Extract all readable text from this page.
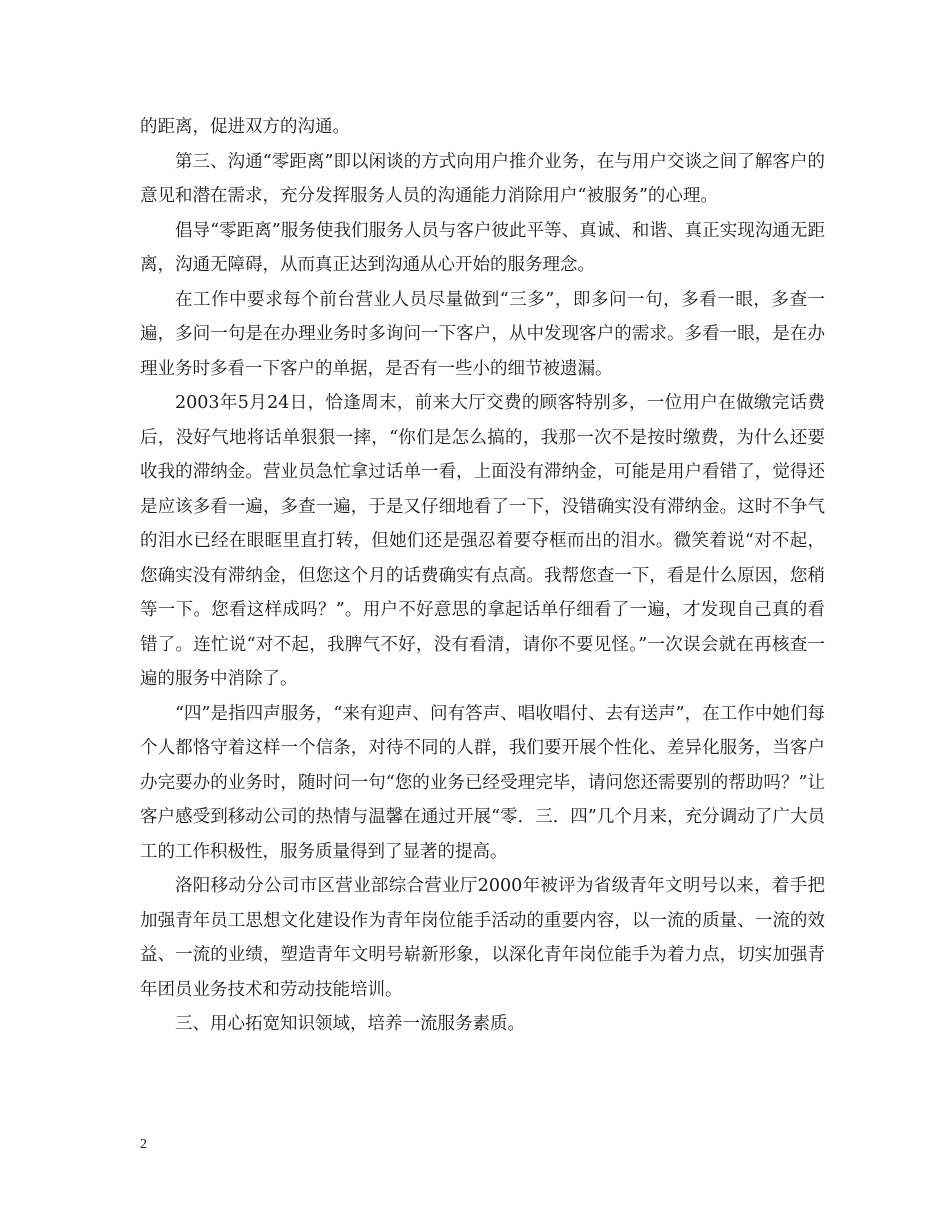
的距离，促进双方的沟通。

第三、沟通“零距离”即以闲谈的方式向用户推介业务，在与用户交谈之间了解客户的意见和潜在需求，充分发挥服务人员的沟通能力消除用户“被服务”的心理。

倡导“零距离”服务使我们服务人员与客户彼此平等、真诚、和谐、真正实现沟通无距离，沟通无障碍，从而真正达到沟通从心开始的服务理念。

在工作中要求每个前台营业人员尽量做到“三多”，即多问一句，多看一眼，多查一遍，多问一句是在办理业务时多询问一下客户，从中发现客户的需求。多看一眼，是在办理业务时多看一下客户的单据，是否有一些小的细节被遗漏。

2003年5月24日，恰逢周末，前来大厅交费的顾客特别多，一位用户在做缴完话费后，没好气地将话单狠狠一摔，“你们是怎么搞的，我那一次不是按时缴费，为什么还要收我的滞纳金。营业员急忙拿过话单一看，上面没有滞纳金，可能是用户看错了，觉得还是应该多看一遍，多查一遍，于是又仔细地看了一下，没错确实没有滞纳金。这时不争气的泪水已经在眼眶里直打转，但她们还是强忍着要夺框而出的泪水。微笑着说“对不起，您确实没有滞纳金，但您这个月的话费确实有点高。我帮您查一下，看是什么原因，您稍等一下。您看这样成吗？”。用户不好意思的拿起话单仔细看了一遍，才发现自己真的看错了。连忙说“对不起，我脾气不好，没有看清，请你不要见怪。”一次误会就在再核查一遍的服务中消除了。

“四”是指四声服务，“来有迎声、问有答声、唱收唱付、去有送声”，在工作中她们每个人都恪守着这样一个信条，对待不同的人群，我们要开展个性化、差异化服务，当客户办完要办的业务时，随时问一句“您的业务已经受理完毕，请问您还需要别的帮助吗？”让客户感受到移动公司的热情与温馨在通过开展“零．三．四”几个月来，充分调动了广大员工的工作积极性，服务质量得到了显著的提高。

洛阳移动分公司市区营业部综合营业厅2000年被评为省级青年文明号以来，着手把加强青年员工思想文化建设作为青年岗位能手活动的重要内容，以一流的质量、一流的效益、一流的业绩，塑造青年文明号崭新形象，以深化青年岗位能手为着力点，切实加强青年团员业务技术和劳动技能培训。

三、用心拓宽知识领域，培养一流服务素质。

2
